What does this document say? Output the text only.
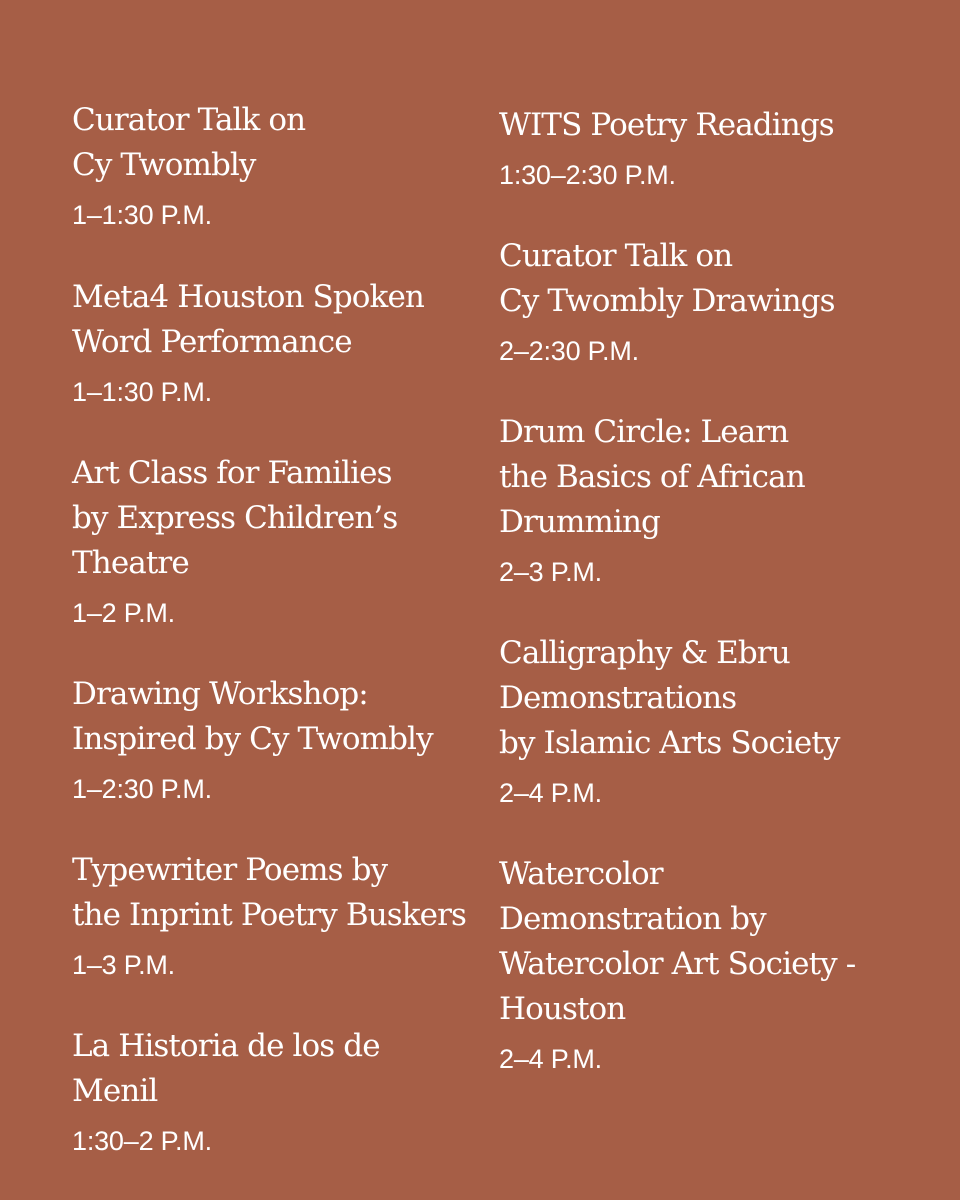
Curator Talk on
Cy Twombly
1–1:30 P.M.
Meta4 Houston Spoken
Word Performance
1–1:30 P.M.
Art Class for Families
by Express Children’s
Theatre
1–2 P.M.
Drawing Workshop:
Inspired by Cy Twombly
1–2:30 P.M.
Typewriter Poems by
the Inprint Poetry Buskers
1–3 P.M.
La Historia de los de Menil
1:30–2 P.M.
WITS Poetry Readings
1:30–2:30 P.M.
Curator Talk on
Cy Twombly Drawings
2–2:30 P.M.
Drum Circle: Learn
the Basics of African
Drumming
2–3 P.M.
Calligraphy & Ebru
Demonstrations
by Islamic Arts Society
2–4 P.M.
Watercolor
Demonstration by
Watercolor Art Society -
Houston
2–4 P.M.
